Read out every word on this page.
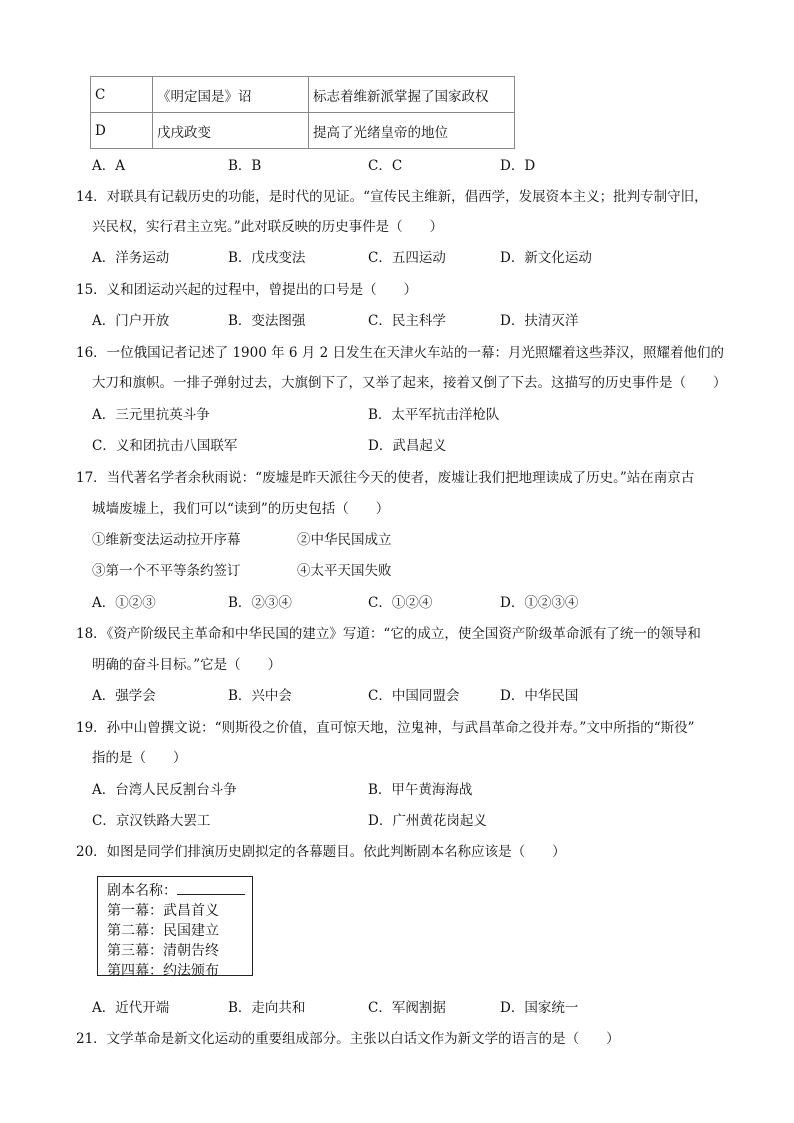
C	《明定国是》诏	标志着维新派掌握了国家政权
D	戊戌政变	提高了光绪皇帝的地位
A．A	B．B	C．C	D．D
14．对联具有记载历史的功能，是时代的见证。“宣传民主维新，倡西学，发展资本主义；批判专制守旧，
兴民权，实行君主立宪。”此对联反映的历史事件是（　　）
A．洋务运动	B．戊戌变法	C．五四运动	D．新文化运动
15．义和团运动兴起的过程中，曾提出的口号是（　　）
A．门户开放	B．变法图强	C．民主科学	D．扶清灭洋
16．一位俄国记者记述了 1900 年 6 月 2 日发生在天津火车站的一幕：月光照耀着这些莽汉，照耀着他们的
大刀和旗帜。一排子弹射过去，大旗倒下了，又举了起来，接着又倒了下去。这描写的历史事件是（　　）
A．三元里抗英斗争	B．太平军抗击洋枪队
C．义和团抗击八国联军	D．武昌起义
17．当代著名学者余秋雨说：“废墟是昨天派往今天的使者，废墟让我们把地理读成了历史。”站在南京古
城墙废墟上，我们可以“读到”的历史包括（　　）
①维新变法运动拉开序幕	②中华民国成立
③第一个不平等条约签订	④太平天国失败
A．①②③	B．②③④	C．①②④	D．①②③④
18．《资产阶级民主革命和中华民国的建立》写道：“它的成立，使全国资产阶级革命派有了统一的领导和
明确的奋斗目标。”它是（　　）
A．强学会	B．兴中会	C．中国同盟会	D．中华民国
19．孙中山曾撰文说：“则斯役之价值，直可惊天地，泣鬼神，与武昌革命之役并寿。”文中所指的“斯役”
指的是（　　）
A．台湾人民反割台斗争	B．甲午黄海海战
C．京汉铁路大罢工	D．广州黄花岗起义
20．如图是同学们排演历史剧拟定的各幕题目。依此判断剧本名称应该是（　　）
剧本名称：
第一幕：武昌首义
第二幕：民国建立
第三幕：清朝告终
第四幕：约法颁布
A．近代开端	B．走向共和	C．军阀割据	D．国家统一
21．文学革命是新文化运动的重要组成部分。主张以白话文作为新文学的语言的是（　　）
